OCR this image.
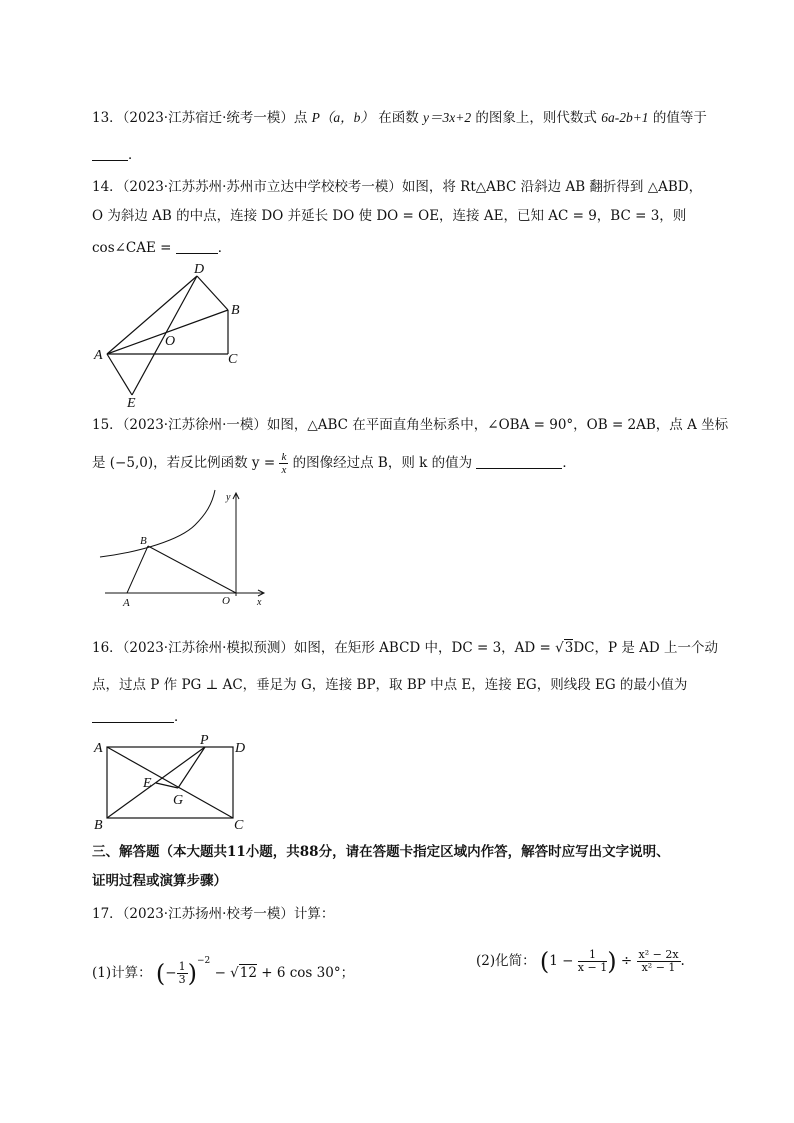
13．（2023·江苏宿迁·统考一模）点 P（a，b） 在函数 y＝3x+2 的图象上，则代数式 6a-2b+1 的值等于
．
14．（2023·江苏苏州·苏州市立达中学校校考一模）如图，将 Rt△ABC 沿斜边 AB 翻折得到 △ABD，
O 为斜边 AB 的中点，连接 DO 并延长 DO 使 DO = OE，连接 AE，已知 AC = 9，BC = 3，则
cos∠CAE =	．
D
B
O
A	C
E
15．（2023·江苏徐州·一模）如图，△ABC 在平面直角坐标系中，∠OBA = 90°，OB = 2AB，点 A 坐标
是 (−5,0)，若反比例函数 $y = \frac{k}{x}$ 的图像经过点 B，则 k 的值为	．
y
B
A	O	x
16．（2023·江苏徐州·模拟预测）如图，在矩形 ABCD 中，DC = 3，AD = √3DC，P 是 AD 上一个动
点，过点 P 作 PG ⊥ AC，垂足为 G，连接 BP，取 BP 中点 E，连接 EG，则线段 EG 的最小值为
．
A
P
D
E
G
B	C
三、解答题（本大题共11小题，共88分，请在答题卡指定区域内作答，解答时应写出文字说明、
证明过程或演算步骤）
17．（2023·江苏扬州·校考一模）计算：
(1)计算： (− $\frac{1}{3} )^{-2} - √12 + 6$ cos 30°；
(2)化简： ($1 - \frac{1}{x - 1}$ ) ÷ $\frac{\text{x² − 2x}}{\text{x² − 1}}$ .
